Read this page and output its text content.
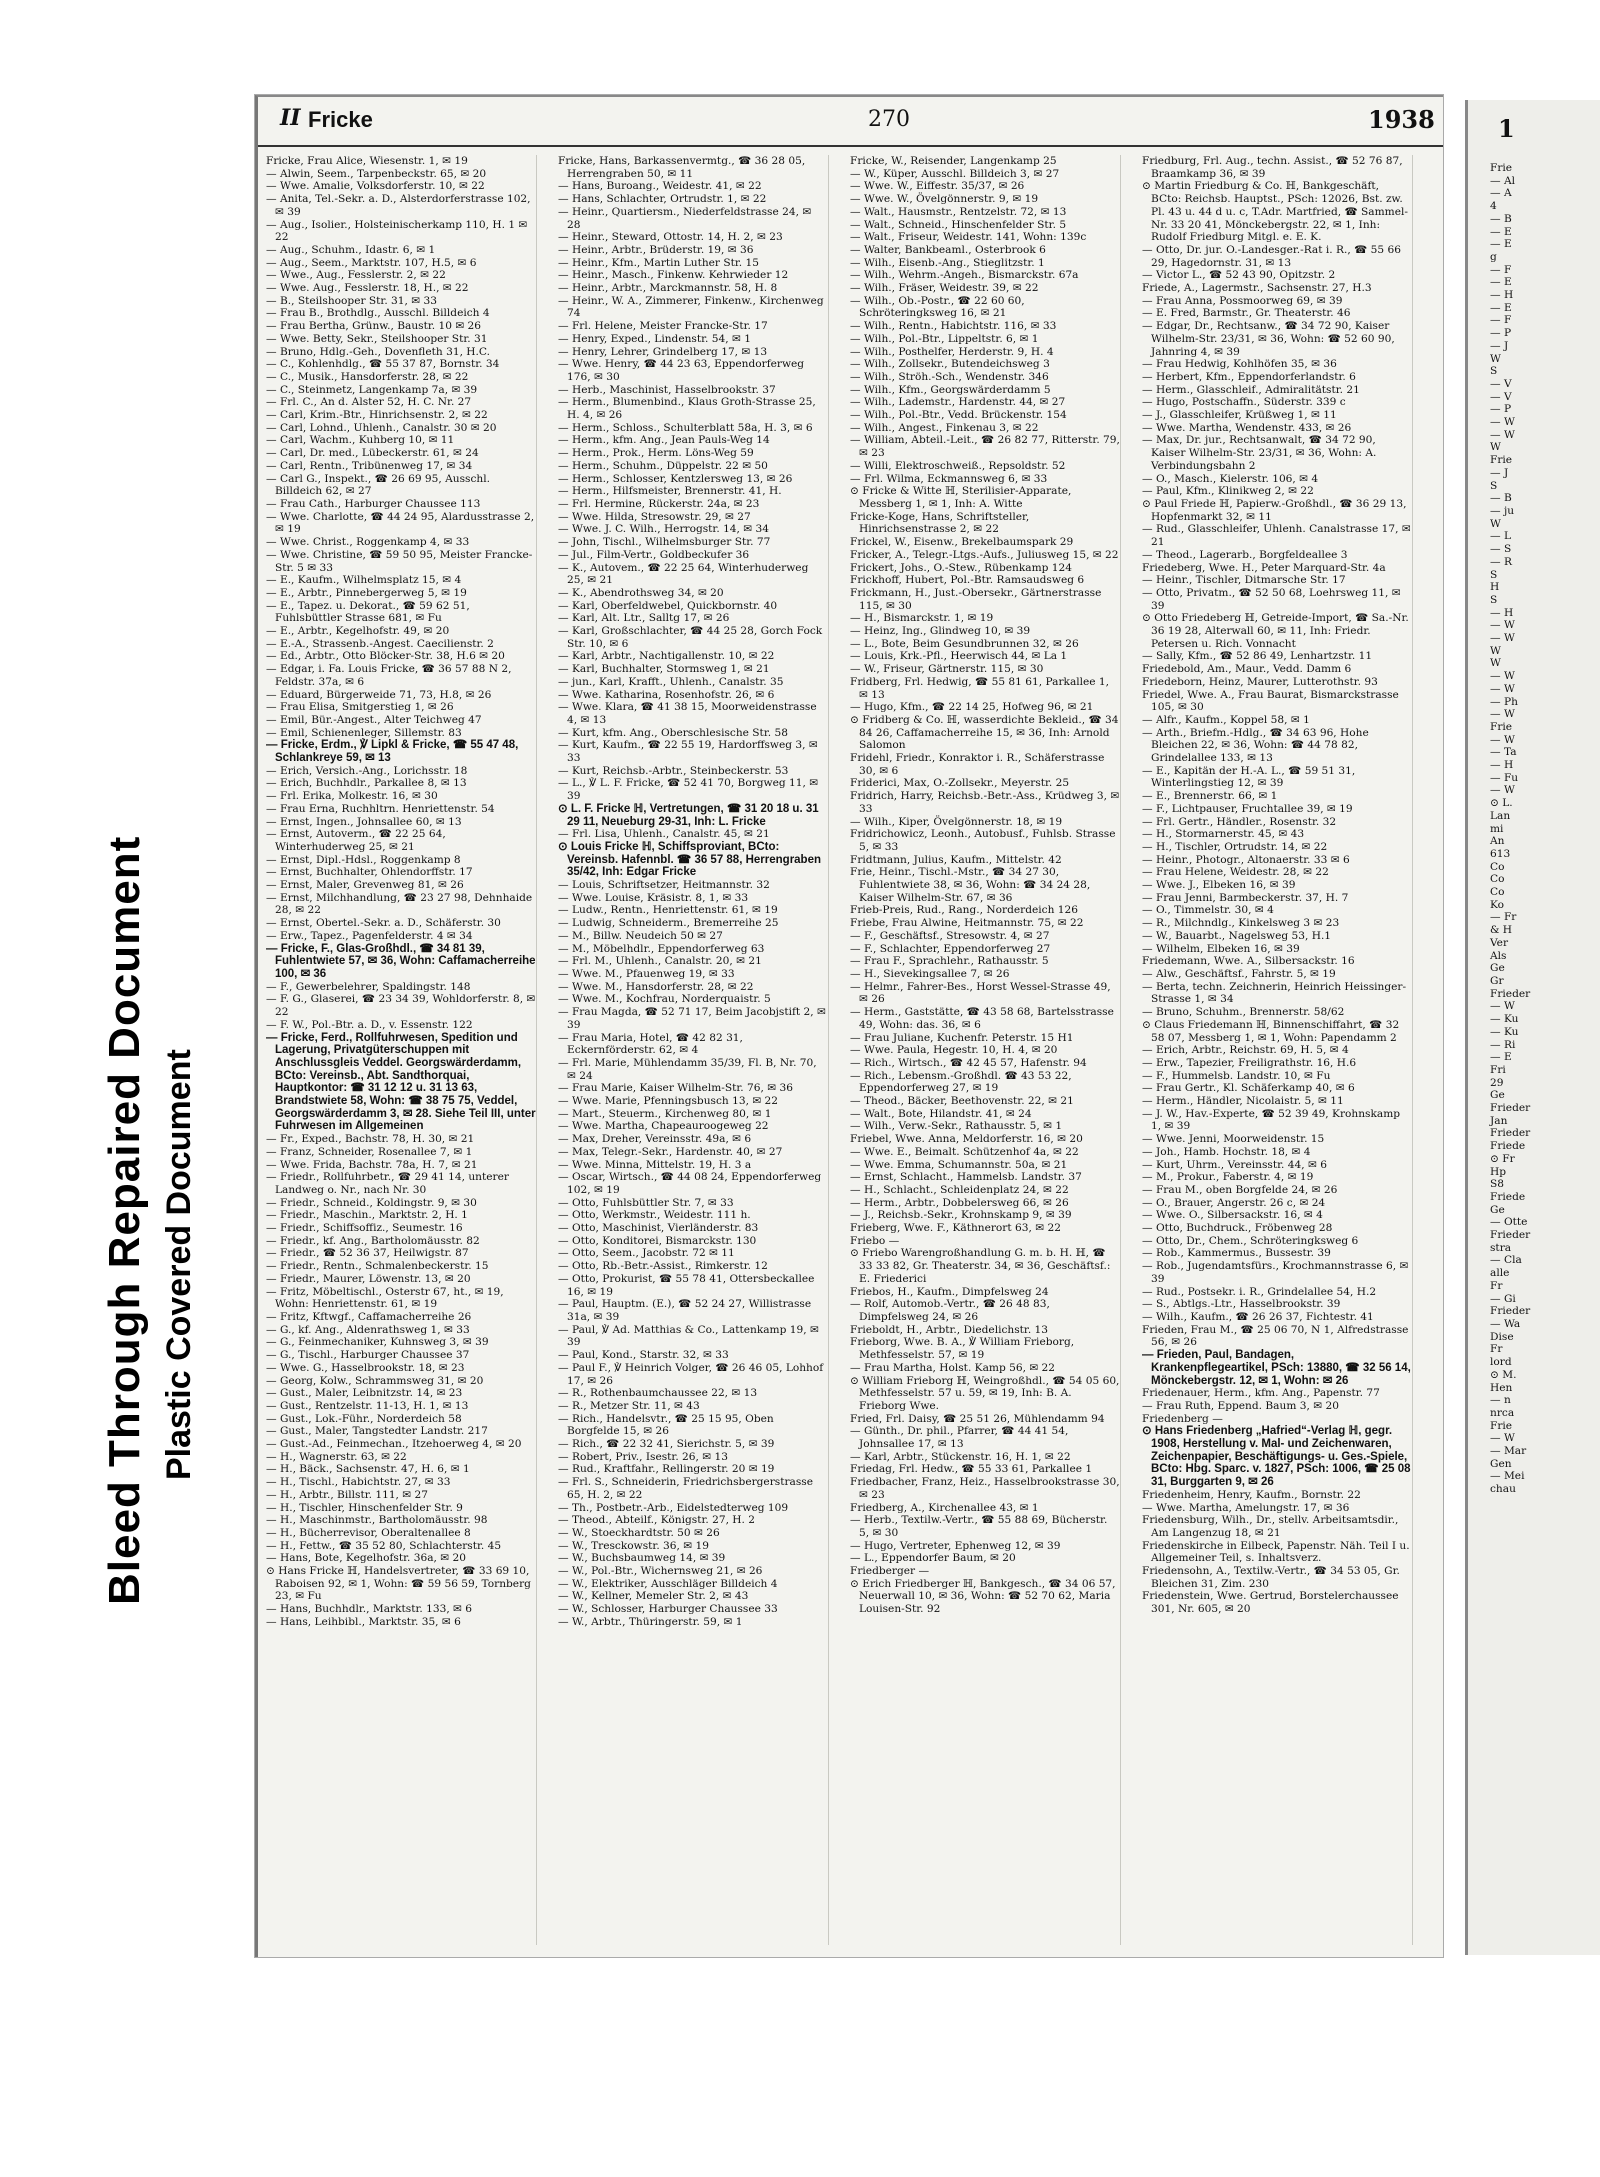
Bleed Through Repaired Document Plastic Covered Document
II Fricke	270	1938

Fricke, Frau Alice, Wiesenstr. 1, ✉ 19

— Alwin, Seem., Tarpenbeckstr. 65, ✉ 20

— Wwe. Amalie, Volksdorferstr. 10, ✉ 22

— Anita, Tel.-Sekr. a. D., Alsterdorferstrasse 102, ✉ 39

— Aug., Isolier., Holsteinischerkamp 110, H. 1 ✉ 22

— Aug., Schuhm., Idastr. 6, ✉ 1

— Aug., Seem., Marktstr. 107, H.5, ✉ 6

— Wwe., Aug., Fesslerstr. 2, ✉ 22

— Wwe. Aug., Fesslerstr. 18, H., ✉ 22

— B., Steilshooper Str. 31, ✉ 33

— Frau B., Brothdlg., Ausschl. Billdeich 4

— Frau Bertha, Grünw., Baustr. 10 ✉ 26

— Wwe. Betty, Sekr., Steilshooper Str. 31

— Bruno, Hdlg.-Geh., Dovenfleth 31, H.C.

— C., Kohlenhdlg., ☎ 55 37 87, Bornstr. 34

— C., Musik., Hansdorferstr. 28, ✉ 22

— C., Steinmetz, Langenkamp 7a, ✉ 39

— Frl. C., An d. Alster 52, H. C. Nr. 27

— Carl, Krim.-Btr., Hinrichsenstr. 2, ✉ 22

— Carl, Lohnd., Uhlenh., Canalstr. 30 ✉ 20

— Carl, Wachm., Kuhberg 10, ✉ 11

— Carl, Dr. med., Lübeckerstr. 61, ✉ 24

— Carl, Rentn., Tribünenweg 17, ✉ 34

— Carl G., Inspekt., ☎ 26 69 95, Ausschl. Billdeich 62, ✉ 27

— Frau Cath., Harburger Chaussee 113

— Wwe. Charlotte, ☎ 44 24 95, Alardusstrasse 2, ✉ 19

— Wwe. Christ., Roggenkamp 4, ✉ 33

— Wwe. Christine, ☎ 59 50 95, Meister Francke-Str. 5 ✉ 33

— E., Kaufm., Wilhelmsplatz 15, ✉ 4

— E., Arbtr., Pinnebergerweg 5, ✉ 19

— E., Tapez. u. Dekorat., ☎ 59 62 51, Fuhlsbüttler Strasse 681, ✉ Fu

— E., Arbtr., Kegelhofstr. 49, ✉ 20

— E.-A., Strassenb.-Angest. Caecilienstr. 2

— Ed., Arbtr., Otto Blöcker-Str. 38, H.6 ✉ 20

— Edgar, i. Fa. Louis Fricke, ☎ 36 57 88 N 2, Feldstr. 37a, ✉ 6

— Eduard, Bürgerweide 71, 73, H.8, ✉ 26

— Frau Elisa, Smitgerstieg 1, ✉ 26

— Emil, Bür.-Angest., Alter Teichweg 47

— Emil, Schienenleger, Sillemstr. 83

— Fricke, Erdm., ℣ Lipkl & Fricke, ☎ 55 47 48, Schlankreye 59, ✉ 13

— Erich, Versich.-Ang., Lorichsstr. 18

— Erich, Buchhdlr., Parkallee 8, ✉ 13

— Frl. Erika, Molkestr. 16, ✉ 30

— Frau Erna, Ruchhltrn. Henriettenstr. 54

— Ernst, Ingen., Johnsallee 60, ✉ 13

— Ernst, Autoverm., ☎ 22 25 64, Winterhuderweg 25, ✉ 21

— Ernst, Dipl.-Hdsl., Roggenkamp 8

— Ernst, Buchhalter, Ohlendorffstr. 17

— Ernst, Maler, Grevenweg 81, ✉ 26

— Ernst, Milchhandlung, ☎ 23 27 98, Dehnhaide 28, ✉ 22

— Ernst, Obertel.-Sekr. a. D., Schäferstr. 30

— Erw., Tapez., Pagenfelderstr. 4 ✉ 34

— Fricke, F., Glas-Großhdl., ☎ 34 81 39, Fuhlentwiete 57, ✉ 36, Wohn: Caffamacherreihe 100, ✉ 36

— F., Gewerbelehrer, Spaldingstr. 148

— F. G., Glaserei, ☎ 23 34 39, Wohldorferstr. 8, ✉ 22

— F. W., Pol.-Btr. a. D., v. Essenstr. 122

— Fricke, Ferd., Rollfuhrwesen, Spedition und Lagerung, Privatgüterschuppen mit Anschlussgleis Veddel. Georgswärderdamm, BCto: Vereinsb., Abt. Sandthorquai, Hauptkontor: ☎ 31 12 12 u. 31 13 63, Brandstwiete 58, Wohn: ☎ 38 75 75, Veddel, Georgswärderdamm 3, ✉ 28. Siehe Teil III, unter Fuhrwesen im Allgemeinen

— Fr., Exped., Bachstr. 78, H. 30, ✉ 21

— Franz, Schneider, Rosenallee 7, ✉ 1

— Wwe. Frida, Bachstr. 78a, H. 7, ✉ 21

— Friedr., Rollfuhrbetr., ☎ 29 41 14, unterer Landweg o. Nr., nach Nr. 30

— Friedr., Schneid., Koldingstr. 9, ✉ 30

— Friedr., Maschin., Marktstr. 2, H. 1

— Friedr., Schiffsoffiz., Seumestr. 16

— Friedr., kf. Ang., Bartholomäusstr. 82

— Friedr., ☎ 52 36 37, Heilwigstr. 87

— Friedr., Rentn., Schmalenbeckerstr. 15

— Friedr., Maurer, Löwenstr. 13, ✉ 20

— Fritz, Möbeltischl., Osterstr 67, ht., ✉ 19, Wohn: Henriettenstr. 61, ✉ 19

— Fritz, Kftwgf., Caffamacherreihe 26

— G., kf. Ang., Aldenrathsweg 1, ✉ 33

— G., Feinmechaniker, Kuhnsweg 3, ✉ 39

— G., Tischl., Harburger Chaussee 37

— Wwe. G., Hasselbrookstr. 18, ✉ 23

— Georg, Kolw., Schrammsweg 31, ✉ 20

— Gust., Maler, Leibnitzstr. 14, ✉ 23

— Gust., Rentzelstr. 11-13, H. 1, ✉ 13

— Gust., Lok.-Führ., Norderdeich 58

— Gust., Maler, Tangstedter Landstr. 217

— Gust.-Ad., Feinmechan., Itzehoerweg 4, ✉ 20

— H., Wagnerstr. 63, ✉ 22

— H., Bäck., Sachsenstr. 47, H. 6, ✉ 1

— H., Tischl., Habichtstr. 27, ✉ 33

— H., Arbtr., Billstr. 111, ✉ 27

— H., Tischler, Hinschenfelder Str. 9

— H., Maschinmstr., Bartholomäusstr. 98

— H., Bücherrevisor, Oberaltenallee 8

— H., Fettw., ☎ 35 52 80, Schlachterstr. 45

— Hans, Bote, Kegelhofstr. 36a, ✉ 20

⊙ Hans Fricke ℍ, Handelsvertreter, ☎ 33 69 10, Raboisen 92, ✉ 1, Wohn: ☎ 59 56 59, Tornberg 23, ✉ Fu

— Hans, Buchhdlr., Marktstr. 133, ✉ 6

— Hans, Leihbibl., Marktstr. 35, ✉ 6

Fricke, Hans, Barkassenvermtg., ☎ 36 28 05, Herrengraben 50, ✉ 11

— Hans, Buroang., Weidestr. 41, ✉ 22

— Hans, Schlachter, Ortrudstr. 1, ✉ 22

— Heinr., Quartiersm., Niederfeldstrasse 24, ✉ 28

— Heinr., Steward, Ottostr. 14, H. 2, ✉ 23

— Heinr., Arbtr., Brüderstr. 19, ✉ 36

— Heinr., Kfm., Martin Luther Str. 15

— Heinr., Masch., Finkenw. Kehrwieder 12

— Heinr., Arbtr., Marckmannstr. 58, H. 8

— Heinr., W. A., Zimmerer, Finkenw., Kirchenweg 74

— Frl. Helene, Meister Francke-Str. 17

— Henry, Exped., Lindenstr. 54, ✉ 1

— Henry, Lehrer, Grindelberg 17, ✉ 13

— Wwe. Henry, ☎ 44 23 63, Eppendorferweg 176, ✉ 30

— Herb., Maschinist, Hasselbrookstr. 37

— Herm., Blumenbind., Klaus Groth-Strasse 25, H. 4, ✉ 26

— Herm., Schloss., Schulterblatt 58a, H. 3, ✉ 6

— Herm., kfm. Ang., Jean Pauls-Weg 14

— Herm., Prok., Herm. Löns-Weg 59

— Herm., Schuhm., Düppelstr. 22 ✉ 50

— Herm., Schlosser, Kentzlersweg 13, ✉ 26

— Herm., Hilfsmeister, Brennerstr. 41, H.

— Frl. Hermine, Rückerstr. 24a, ✉ 23

— Wwe. Hilda, Stresowstr. 29, ✉ 27

— Wwe. J. C. Wilh., Herrogstr. 14, ✉ 34

— John, Tischl., Wilhelmsburger Str. 77

— Jul., Film-Vertr., Goldbeckufer 36

— K., Autovem., ☎ 22 25 64, Winterhuderweg 25, ✉ 21

— K., Abendrothsweg 34, ✉ 20

— Karl, Oberfeldwebel, Quickbornstr. 40

— Karl, Alt. Ltr., Salltg 17, ✉ 26

— Karl, Großschlachter, ☎ 44 25 28, Gorch Fock Str. 10, ✉ 6

— Karl, Arbtr., Nachtigallenstr. 10, ✉ 22

— Karl, Buchhalter, Stormsweg 1, ✉ 21

— jun., Karl, Krafft., Uhlenh., Canalstr. 35

— Wwe. Katharina, Rosenhofstr. 26, ✉ 6

— Wwe. Klara, ☎ 41 38 15, Moorweidenstrasse 4, ✉ 13

— Kurt, kfm. Ang., Oberschlesische Str. 58

— Kurt, Kaufm., ☎ 22 55 19, Hardorffsweg 3, ✉ 33

— Kurt, Reichsb.-Arbtr., Steinbeckerstr. 53

— L., ℣ L. F. Fricke, ☎ 52 41 70, Borgweg 11, ✉ 39

⊙ L. F. Fricke ℍ, Vertretungen, ☎ 31 20 18 u. 31 29 11, Neueburg 29-31, Inh: L. Fricke

— Frl. Lisa, Uhlenh., Canalstr. 45, ✉ 21

⊙ Louis Fricke ℍ, Schiffsproviant, BCto: Vereinsb. Hafennbl. ☎ 36 57 88, Herrengraben 35/42, Inh: Edgar Fricke

— Louis, Schriftsetzer, Heitmannstr. 32

— Wwe. Louise, Kräsistr. 8, 1, ✉ 33

— Ludw., Rentn., Henriettenstr. 61, ✉ 19

— Ludwig, Schneiderm., Bremerreihe 25

— M., Billw. Neudeich 50 ✉ 27

— M., Möbelhdlr., Eppendorferweg 63

— Frl. M., Uhlenh., Canalstr. 20, ✉ 21

— Wwe. M., Pfauenweg 19, ✉ 33

— Wwe. M., Hansdorferstr. 28, ✉ 22

— Wwe. M., Kochfrau, Norderquaistr. 5

— Frau Magda, ☎ 52 71 17, Beim Jacobjstift 2, ✉ 39

— Frau Maria, Hotel, ☎ 42 82 31, Eckernförderstr. 62, ✉ 4

— Frl. Marie, Mühlendamm 35/39, Fl. B, Nr. 70, ✉ 24

— Frau Marie, Kaiser Wilhelm-Str. 76, ✉ 36

— Wwe. Marie, Pfenningsbusch 13, ✉ 22

— Mart., Steuerm., Kirchenweg 80, ✉ 1

— Wwe. Martha, Chapeauroogeweg 22

— Max, Dreher, Vereinsstr. 49a, ✉ 6

— Max, Telegr.-Sekr., Hardenstr. 40, ✉ 27

— Wwe. Minna, Mittelstr. 19, H. 3 a

— Oscar, Wirtsch., ☎ 44 08 24, Eppendorferweg 102, ✉ 19

— Otto, Fuhlsbüttler Str. 7, ✉ 33

— Otto, Werkmstr., Weidestr. 111 h.

— Otto, Maschinist, Vierländerstr. 83

— Otto, Konditorei, Bismarckstr. 130

— Otto, Seem., Jacobstr. 72 ✉ 11

— Otto, Rb.-Betr.-Assist., Rimkerstr. 12

— Otto, Prokurist, ☎ 55 78 41, Ottersbeckallee 16, ✉ 19

— Paul, Hauptm. (E.), ☎ 52 24 27, Willistrasse 31a, ✉ 39

— Paul, ℣ Ad. Matthias & Co., Lattenkamp 19, ✉ 39

— Paul, Kond., Starstr. 32, ✉ 33

— Paul F., ℣ Heinrich Volger, ☎ 26 46 05, Lohhof 17, ✉ 26

— R., Rothenbaumchaussee 22, ✉ 13

— R., Metzer Str. 11, ✉ 43

— Rich., Handelsvtr., ☎ 25 15 95, Oben Borgfelde 15, ✉ 26

— Rich., ☎ 22 32 41, Sierichstr. 5, ✉ 39

— Robert, Priv., Isestr. 26, ✉ 13

— Rud., Kraftfahr., Rellingerstr. 20 ✉ 19

— Frl. S., Schneiderin, Friedrichsbergerstrasse 65, H. 2, ✉ 22

— Th., Postbetr.-Arb., Eidelstedterweg 109

— Theod., Abteilf., Königstr. 27, H. 2

— W., Stoeckhardtstr. 50 ✉ 26

— W., Tresckowstr. 36, ✉ 19

— W., Buchsbaumweg 14, ✉ 39

— W., Pol.-Btr., Wichernsweg 21, ✉ 26

— W., Elektriker, Ausschläger Billdeich 4

— W., Kellner, Memeler Str. 2, ✉ 43

— W., Schlosser, Harburger Chaussee 33

— W., Arbtr., Thüringerstr. 59, ✉ 1

Fricke, W., Reisender, Langenkamp 25

— W., Küper, Ausschl. Billdeich 3, ✉ 27

— Wwe. W., Eiffestr. 35/37, ✉ 26

— Wwe. W., Övelgönnerstr. 9, ✉ 19

— Walt., Hausmstr., Rentzelstr. 72, ✉ 13

— Walt., Schneid., Hinschenfelder Str. 5

— Walt., Friseur, Weidestr. 141, Wohn: 139c

— Walter, Bankbeaml., Osterbrook 6

— Wilh., Eisenb.-Ang., Stieglitzstr. 1

— Wilh., Wehrm.-Angeh., Bismarckstr. 67a

— Wilh., Fräser, Weidestr. 39, ✉ 22

— Wilh., Ob.-Postr., ☎ 22 60 60, Schröteringksweg 16, ✉ 21

— Wilh., Rentn., Habichtstr. 116, ✉ 33

— Wilh., Pol.-Btr., Lippeltstr. 6, ✉ 1

— Wilh., Posthelfer, Herderstr. 9, H. 4

— Wilh., Zollsekr., Butendeichsweg 3

— Wilh., Ströh.-Sch., Wendenstr. 346

— Wilh., Kfm., Georgswärderdamm 5

— Wilh., Lademstr., Hardenstr. 44, ✉ 27

— Wilh., Pol.-Btr., Vedd. Brückenstr. 154

— Wilh., Angest., Finkenau 3, ✉ 22

— William, Abteil.-Leit., ☎ 26 82 77, Ritterstr. 79, ✉ 23

— Willi, Elektroschweiß., Repsoldstr. 52

— Frl. Wilma, Eckmannsweg 6, ✉ 33

⊙ Fricke & Witte ℍ, Sterilisier-Apparate, Messberg 1, ✉ 1, Inh: A. Witte

Fricke-Koge, Hans, Schriftsteller, Hinrichsenstrasse 2, ✉ 22

Frickel, W., Eisenw., Brekelbaumspark 29

Fricker, A., Telegr.-Ltgs.-Aufs., Juliusweg 15, ✉ 22

Frickert, Johs., O.-Stew., Rübenkamp 124

Frickhoff, Hubert, Pol.-Btr. Ramsaudsweg 6

Frickmann, H., Just.-Obersekr., Gärtnerstrasse 115, ✉ 30

— H., Bismarckstr. 1, ✉ 19

— Heinz, Ing., Glindweg 10, ✉ 39

— L., Bote, Beim Gesundbrunnen 32, ✉ 26

— Louis, Krk.-Pfl., Heerwisch 44, ✉ La 1

— W., Friseur, Gärtnerstr. 115, ✉ 30

Fridberg, Frl. Hedwig, ☎ 55 81 61, Parkallee 1, ✉ 13

— Hugo, Kfm., ☎ 22 14 25, Hofweg 96, ✉ 21

⊙ Fridberg & Co. ℍ, wasserdichte Bekleid., ☎ 34 84 26, Caffamacherreihe 15, ✉ 36, Inh: Arnold Salomon

Fridehl, Friedr., Konraktor i. R., Schäferstrasse 30, ✉ 6

Friderici, Max, O.-Zollsekr., Meyerstr. 25

Fridrich, Harry, Reichsb.-Betr.-Ass., Krüdweg 3, ✉ 33

— Wilh., Kiper, Övelgönnerstr. 18, ✉ 19

Fridrichowicz, Leonh., Autobusf., Fuhlsb. Strasse 5, ✉ 33

Fridtmann, Julius, Kaufm., Mittelstr. 42

Frie, Heinr., Tischl.-Mstr., ☎ 34 27 30, Fuhlentwiete 38, ✉ 36, Wohn: ☎ 34 24 28, Kaiser Wilhelm-Str. 67, ✉ 36

Frieb-Preis, Rud., Rang., Norderdeich 126

Friebe, Frau Alwine, Heitmannstr. 75, ✉ 22

— F., Geschäftsf., Stresowstr. 4, ✉ 27

— F., Schlachter, Eppendorferweg 27

— Frau F., Sprachlehr., Rathausstr. 5

— H., Sievekingsallee 7, ✉ 26

— Helmr., Fahrer-Bes., Horst Wessel-Strasse 49, ✉ 26

— Herm., Gaststätte, ☎ 43 58 68, Bartelsstrasse 49, Wohn: das. 36, ✉ 6

— Frau Juliane, Kuchenfr. Peterstr. 15 H1

— Wwe. Paula, Hegestr. 10, H. 4, ✉ 20

— Rich., Wirtsch., ☎ 42 45 57, Hafenstr. 94

— Rich., Lebensm.-Großhdl. ☎ 43 53 22, Eppendorferweg 27, ✉ 19

— Theod., Bäcker, Beethovenstr. 22, ✉ 21

— Walt., Bote, Hilandstr. 41, ✉ 24

— Wilh., Verw.-Sekr., Rathausstr. 5, ✉ 1

Friebel, Wwe. Anna, Meldorferstr. 16, ✉ 20

— Wwe. E., Beimalt. Schützenhof 4a, ✉ 22

— Wwe. Emma, Schumannstr. 50a, ✉ 21

— Ernst, Schlacht., Hammelsb. Landstr. 37

— H., Schlacht., Schleidenplatz 24, ✉ 22

— Herm., Arbtr., Dobbelersweg 66, ✉ 26

— J., Reichsb.-Sekr., Krohnskamp 9, ✉ 39

Frieberg, Wwe. F., Käthnerort 63, ✉ 22

Friebo —

⊙ Friebo Warengroßhandlung G. m. b. H. ℍ, ☎ 33 33 82, Gr. Theaterstr. 34, ✉ 36, Geschäftsf.: E. Friederici

Friebos, H., Kaufm., Dimpfelsweg 24

— Rolf, Automob.-Vertr., ☎ 26 48 83, Dimpfelsweg 24, ✉ 26

Frieboldt, H., Arbtr., Diedelichstr. 13

Frieborg, Wwe. B. A., ℣ William Frieborg, Methfesselstr. 57, ✉ 19

— Frau Martha, Holst. Kamp 56, ✉ 22

⊙ William Frieborg ℍ, Weingroßhdl., ☎ 54 05 60, Methfesselstr. 57 u. 59, ✉ 19, Inh: B. A. Frieborg Wwe.

Fried, Frl. Daisy, ☎ 25 51 26, Mühlendamm 94

— Günth., Dr. phil., Pfarrer, ☎ 44 41 54, Johnsallee 17, ✉ 13

— Karl, Arbtr., Stückenstr. 16, H. 1, ✉ 22

Friedag, Frl. Hedw., ☎ 55 33 61, Parkallee 1

Friedbacher, Franz, Heiz., Hasselbrookstrasse 30, ✉ 23

Friedberg, A., Kirchenallee 43, ✉ 1

— Herb., Textilw.-Vertr., ☎ 55 88 69, Bücherstr. 5, ✉ 30

— Hugo, Vertreter, Ephenweg 12, ✉ 39

— L., Eppendorfer Baum, ✉ 20

Friedberger —

⊙ Erich Friedberger ℍ, Bankgesch., ☎ 34 06 57, Neuerwall 10, ✉ 36, Wohn: ☎ 52 70 62, Maria Louisen-Str. 92

Friedburg, Frl. Aug., techn. Assist., ☎ 52 76 87, Braamkamp 36, ✉ 39

⊙ Martin Friedburg & Co. ℍ, Bankgeschäft, BCto: Reichsb. Hauptst., PSch: 12026, Bst. zw. Pl. 43 u. 44 d u. c, T.Adr. Martfried, ☎ Sammel-Nr. 33 20 41, Mönckebergstr. 22, ✉ 1, Inh: Rudolf Friedburg Mitgl. e. E. K.

— Otto, Dr. jur. O.-Landesger.-Rat i. R., ☎ 55 66 29, Hagedornstr. 31, ✉ 13

— Victor L., ☎ 52 43 90, Opitzstr. 2

Friede, A., Lagermstr., Sachsenstr. 27, H.3

— Frau Anna, Possmoorweg 69, ✉ 39

— E. Fred, Barmstr., Gr. Theaterstr. 46

— Edgar, Dr., Rechtsanw., ☎ 34 72 90, Kaiser Wilhelm-Str. 23/31, ✉ 36, Wohn: ☎ 52 60 90, Jahnring 4, ✉ 39

— Frau Hedwig, Kohlhöfen 35, ✉ 36

— Herbert, Kfm., Eppendorferlandstr. 6

— Herm., Glasschleif., Admiralitätstr. 21

— Hugo, Postschaffn., Süderstr. 339 c

— J., Glasschleifer, Krüßweg 1, ✉ 11

— Wwe. Martha, Wendenstr. 433, ✉ 26

— Max, Dr. jur., Rechtsanwalt, ☎ 34 72 90, Kaiser Wilhelm-Str. 23/31, ✉ 36, Wohn: A. Verbindungsbahn 2

— O., Masch., Kielerstr. 106, ✉ 4

— Paul, Kfm., Klinikweg 2, ✉ 22

⊙ Paul Friede ℍ, Papierw.-Großhdl., ☎ 36 29 13, Hopfenmarkt 32, ✉ 11

— Rud., Glasschleifer, Uhlenh. Canalstrasse 17, ✉ 21

— Theod., Lagerarb., Borgfeldeallee 3

Friedeberg, Wwe. H., Peter Marquard-Str. 4a

— Heinr., Tischler, Ditmarsche Str. 17

— Otto, Privatm., ☎ 52 50 68, Loehrsweg 11, ✉ 39

⊙ Otto Friedeberg ℍ, Getreide-Import, ☎ Sa.-Nr. 36 19 28, Alterwall 60, ✉ 11, Inh: Friedr. Petersen u. Rich. Vonnacht

— Sally, Kfm., ☎ 52 86 49, Lenhartzstr. 11

Friedebold, Am., Maur., Vedd. Damm 6

Friedeborn, Heinz, Maurer, Lutterothstr. 93

Friedel, Wwe. A., Frau Baurat, Bismarckstrasse 105, ✉ 30

— Alfr., Kaufm., Koppel 58, ✉ 1

— Arth., Briefm.-Hdlg., ☎ 34 63 96, Hohe Bleichen 22, ✉ 36, Wohn: ☎ 44 78 82, Grindelallee 133, ✉ 13

— E., Kapitän der H.-A. L., ☎ 59 51 31, Winterlingstieg 12, ✉ 39

— E., Brennerstr. 66, ✉ 1

— F., Lichtpauser, Fruchtallee 39, ✉ 19

— Frl. Gertr., Händler., Rosenstr. 32

— H., Stormarnerstr. 45, ✉ 43

— H., Tischler, Ortrudstr. 14, ✉ 22

— Heinr., Photogr., Altonaerstr. 33 ✉ 6

— Frau Helene, Weidestr. 28, ✉ 22

— Wwe. J., Elbeken 16, ✉ 39

— Frau Jenni, Barmbeckerstr. 37, H. 7

— O., Timmelstr. 30, ✉ 4

— R., Milchndlg., Kinkelsweg 3 ✉ 23

— W., Bauarbt., Nagelsweg 53, H.1

— Wilhelm, Elbeken 16, ✉ 39

Friedemann, Wwe. A., Silbersackstr. 16

— Alw., Geschäftsf., Fahrstr. 5, ✉ 19

— Berta, techn. Zeichnerin, Heinrich Heissinger-Strasse 1, ✉ 34

— Bruno, Schuhm., Brennerstr. 58/62

⊙ Claus Friedemann ℍ, Binnenschiffahrt, ☎ 32 58 07, Messberg 1, ✉ 1, Wohn: Papendamm 2

— Erich, Arbtr., Reichstr. 69, H. 5, ✉ 4

— Erw., Tapezier, Freiligrathstr. 16, H.6

— F., Hummelsb. Landstr. 10, ✉ Fu

— Frau Gertr., Kl. Schäferkamp 40, ✉ 6

— Herm., Händler, Nicolaistr. 5, ✉ 11

— J. W., Hav.-Experte, ☎ 52 39 49, Krohnskamp 1, ✉ 39

— Wwe. Jenni, Moorweidenstr. 15

— Joh., Hamb. Hochstr. 18, ✉ 4

— Kurt, Uhrm., Vereinsstr. 44, ✉ 6

— M., Prokur., Faberstr. 4, ✉ 19

— Frau M., oben Borgfelde 24, ✉ 26

— O., Brauer, Angerstr. 26 c, ✉ 24

— Wwe. O., Silbersackstr. 16, ✉ 4

— Otto, Buchdruck., Fröbenweg 28

— Otto, Dr., Chem., Schröteringksweg 6

— Rob., Kammermus., Bussestr. 39

— Rob., Jugendamtsfürs., Krochmannstrasse 6, ✉ 39

— Rud., Postsekr. i. R., Grindelallee 54, H.2

— S., Abtlgs.-Ltr., Hasselbrookstr. 39

— Wilh., Kaufm., ☎ 26 26 37, Fichtestr. 41

Frieden, Frau M., ☎ 25 06 70, N 1, Alfredstrasse 56, ✉ 26

— Frieden, Paul, Bandagen, Krankenpflegeartikel, PSch: 13880, ☎ 32 56 14, Mönckebergstr. 12, ✉ 1, Wohn: ✉ 26

Friedenauer, Herm., kfm. Ang., Papenstr. 77

— Frau Ruth, Eppend. Baum 3, ✉ 20

Friedenberg —

⊙ Hans Friedenberg „Hafried“-Verlag ℍ, gegr. 1908, Herstellung v. Mal- und Zeichenwaren, Zeichenpapier, Beschäftigungs- u. Ges.-Spiele, BCto: Hbg. Sparc. v. 1827, PSch: 1006, ☎ 25 08 31, Burggarten 9, ✉ 26

Friedenheim, Henry, Kaufm., Bornstr. 22

— Wwe. Martha, Amelungstr. 17, ✉ 36

Friedensburg, Wilh., Dr., stellv. Arbeitsamtsdir., Am Langenzug 18, ✉ 21

Friedenskirche in Eilbeck, Papenstr. Näh. Teil I u. Allgemeiner Teil, s. Inhaltsverz.

Friedensohn, A., Textilw.-Vertr., ☎ 34 53 05, Gr. Bleichen 31, Zim. 230

Friedenstein, Wwe. Gertrud, Borstelerchaussee 301, Nr. 605, ✉ 20

1
Frie
— Al
— A
4
— B
— E
— E
g
— F
— E
— H
— E
— F
— P
— J
W
S
— V
— V
— P
— W
— W
W
Frie
— J
S
— B
— ju
W
— L
— S
— R
S
H
S
— H
— W
— W
W
W
— W
— W
— Ph
— W
Frie
— W
— Ta
— H
— Fu
— W
⊙ L.
Lan
mi
An
613
Co
Co
Co
Ko
— Fr
& H
Ver
Als
Ge
Gr
Frieder
— W
— Ku
— Ku
— Ri
— E
Fri
29
Ge
Frieder
Jan
Frieder
Friede
⊙ Fr
Hp
S8
Friede
Ge
— Otte
Frieder
stra
— Cla
alle
Fr
— Gi
Frieder
— Wa
Dise
Fr
lord
⊙ M.
Hen
— n
nrca
Frie
— W
— Mar
Gen
— Mei
chau
